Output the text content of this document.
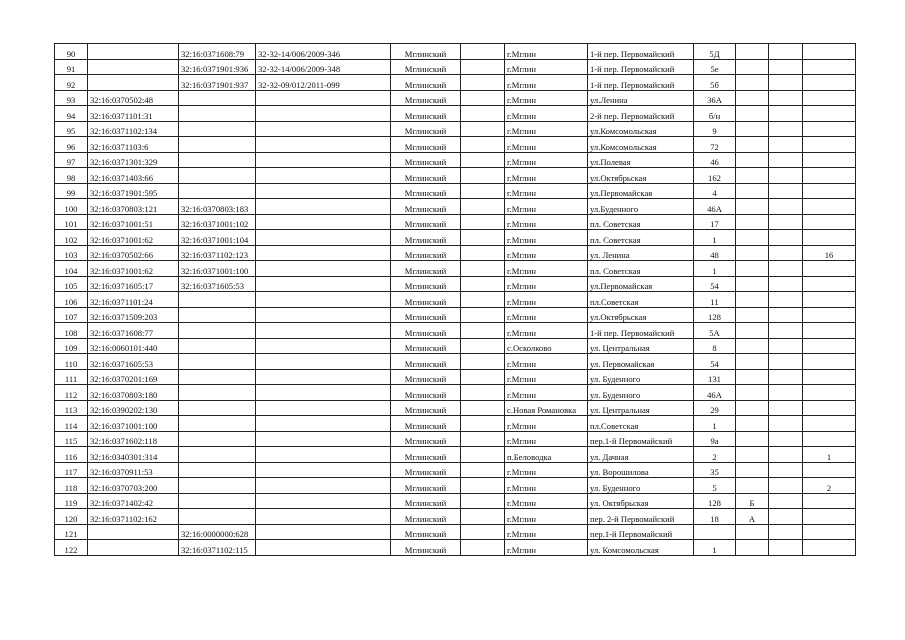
90		32:16:0371608:79	32-32-14/006/2009-346	Мглинский		г.Мглин	1-й пер. Первомайский	5Д			
91		32:16:0371901:936	32-32-14/006/2009-348	Мглинский		г.Мглин	1-й пер. Первомайский	5е			
92		32:16:0371901:937	32-32-09/012/2011-099	Мглинский		г.Мглин	1-й пер. Первомайский	5б			
93	32:16:0370502:48			Мглинский		г.Мглин	ул.Ленина	36А			
94	32:16:0371101:31			Мглинский		г.Мглин	2-й пер. Первомайский	б/н			
95	32:16:0371102:134			Мглинский		г.Мглин	ул.Комсомольская	9			
96	32:16:0371103:6			Мглинский		г.Мглин	ул.Комсомольская	72			
97	32:16:0371301:329			Мглинский		г.Мглин	ул.Полевая	46			
98	32:16:0371403:66			Мглинский		г.Мглин	ул.Октябрьская	162			
99	32:16:0371901:595			Мглинский		г.Мглин	ул.Первомайская	4			
100	32:16:0370803:121	32:16:0370803:183		Мглинский		г.Мглин	ул.Буденного	46А			
101	32:16:0371001:51	32:16:0371001:102		Мглинский		г.Мглин	пл. Советская	17			
102	32:16:0371001:62	32:16:0371001:104		Мглинский		г.Мглин	пл. Советская	1			
103	32:16:0370502:66	32:16:0371102:123		Мглинский		г.Мглин	ул. Ленина	48			16
104	32:16:0371001:62	32:16:0371001:100		Мглинский		г.Мглин	пл. Советская	1			
105	32:16:0371605:17	32:16:0371605:53		Мглинский		г.Мглин	ул.Первомайская	54			
106	32:16:0371101:24			Мглинский		г.Мглин	пл.Советская	11			
107	32:16:0371509:203			Мглинский		г.Мглин	ул.Октябрьская	128			
108	32:16:0371608:77			Мглинский		г.Мглин	1-й пер. Первомайский	5А			
109	32:16:0060101:440			Мглинский		с.Осколково	ул. Центральная	8			
110	32:16:0371605:53			Мглинский		г.Мглин	ул. Первомайская	54			
111	32:16:0370201:169			Мглинский		г.Мглин	ул. Буденного	131			
112	32:16:0370803:180			Мглинский		г.Мглин	ул. Буденного	46А			
113	32:16:0390202:130			Мглинский		с.Новая Романовка	ул. Центральная	29			
114	32:16:0371001:100			Мглинский		г.Мглин	пл.Советская	1			
115	32:16:0371602:118			Мглинский		г.Мглин	пер.1-й Первомайский	9а			
116	32:16:0340301:314			Мглинский		п.Беловодка	ул. Дачная	2			1
117	32:16:0370911:53			Мглинский		г.Мглин	ул. Ворошилова	35			
118	32:16:0370703:200			Мглинский		г.Мглин	ул. Буденного	5			2
119	32:16:0371402:42			Мглинский		г.Мглин	ул. Октябрьская	128	Б		
120	32:16:0371102:162			Мглинский		г.Мглин	пер. 2-й Первомайский	18	А		
121		32:16:0000000:628		Мглинский		г.Мглин	пер.1-й Первомайский				
122		32:16:0371102:115		Мглинский		г.Мглин	ул. Комсомольская	1			
